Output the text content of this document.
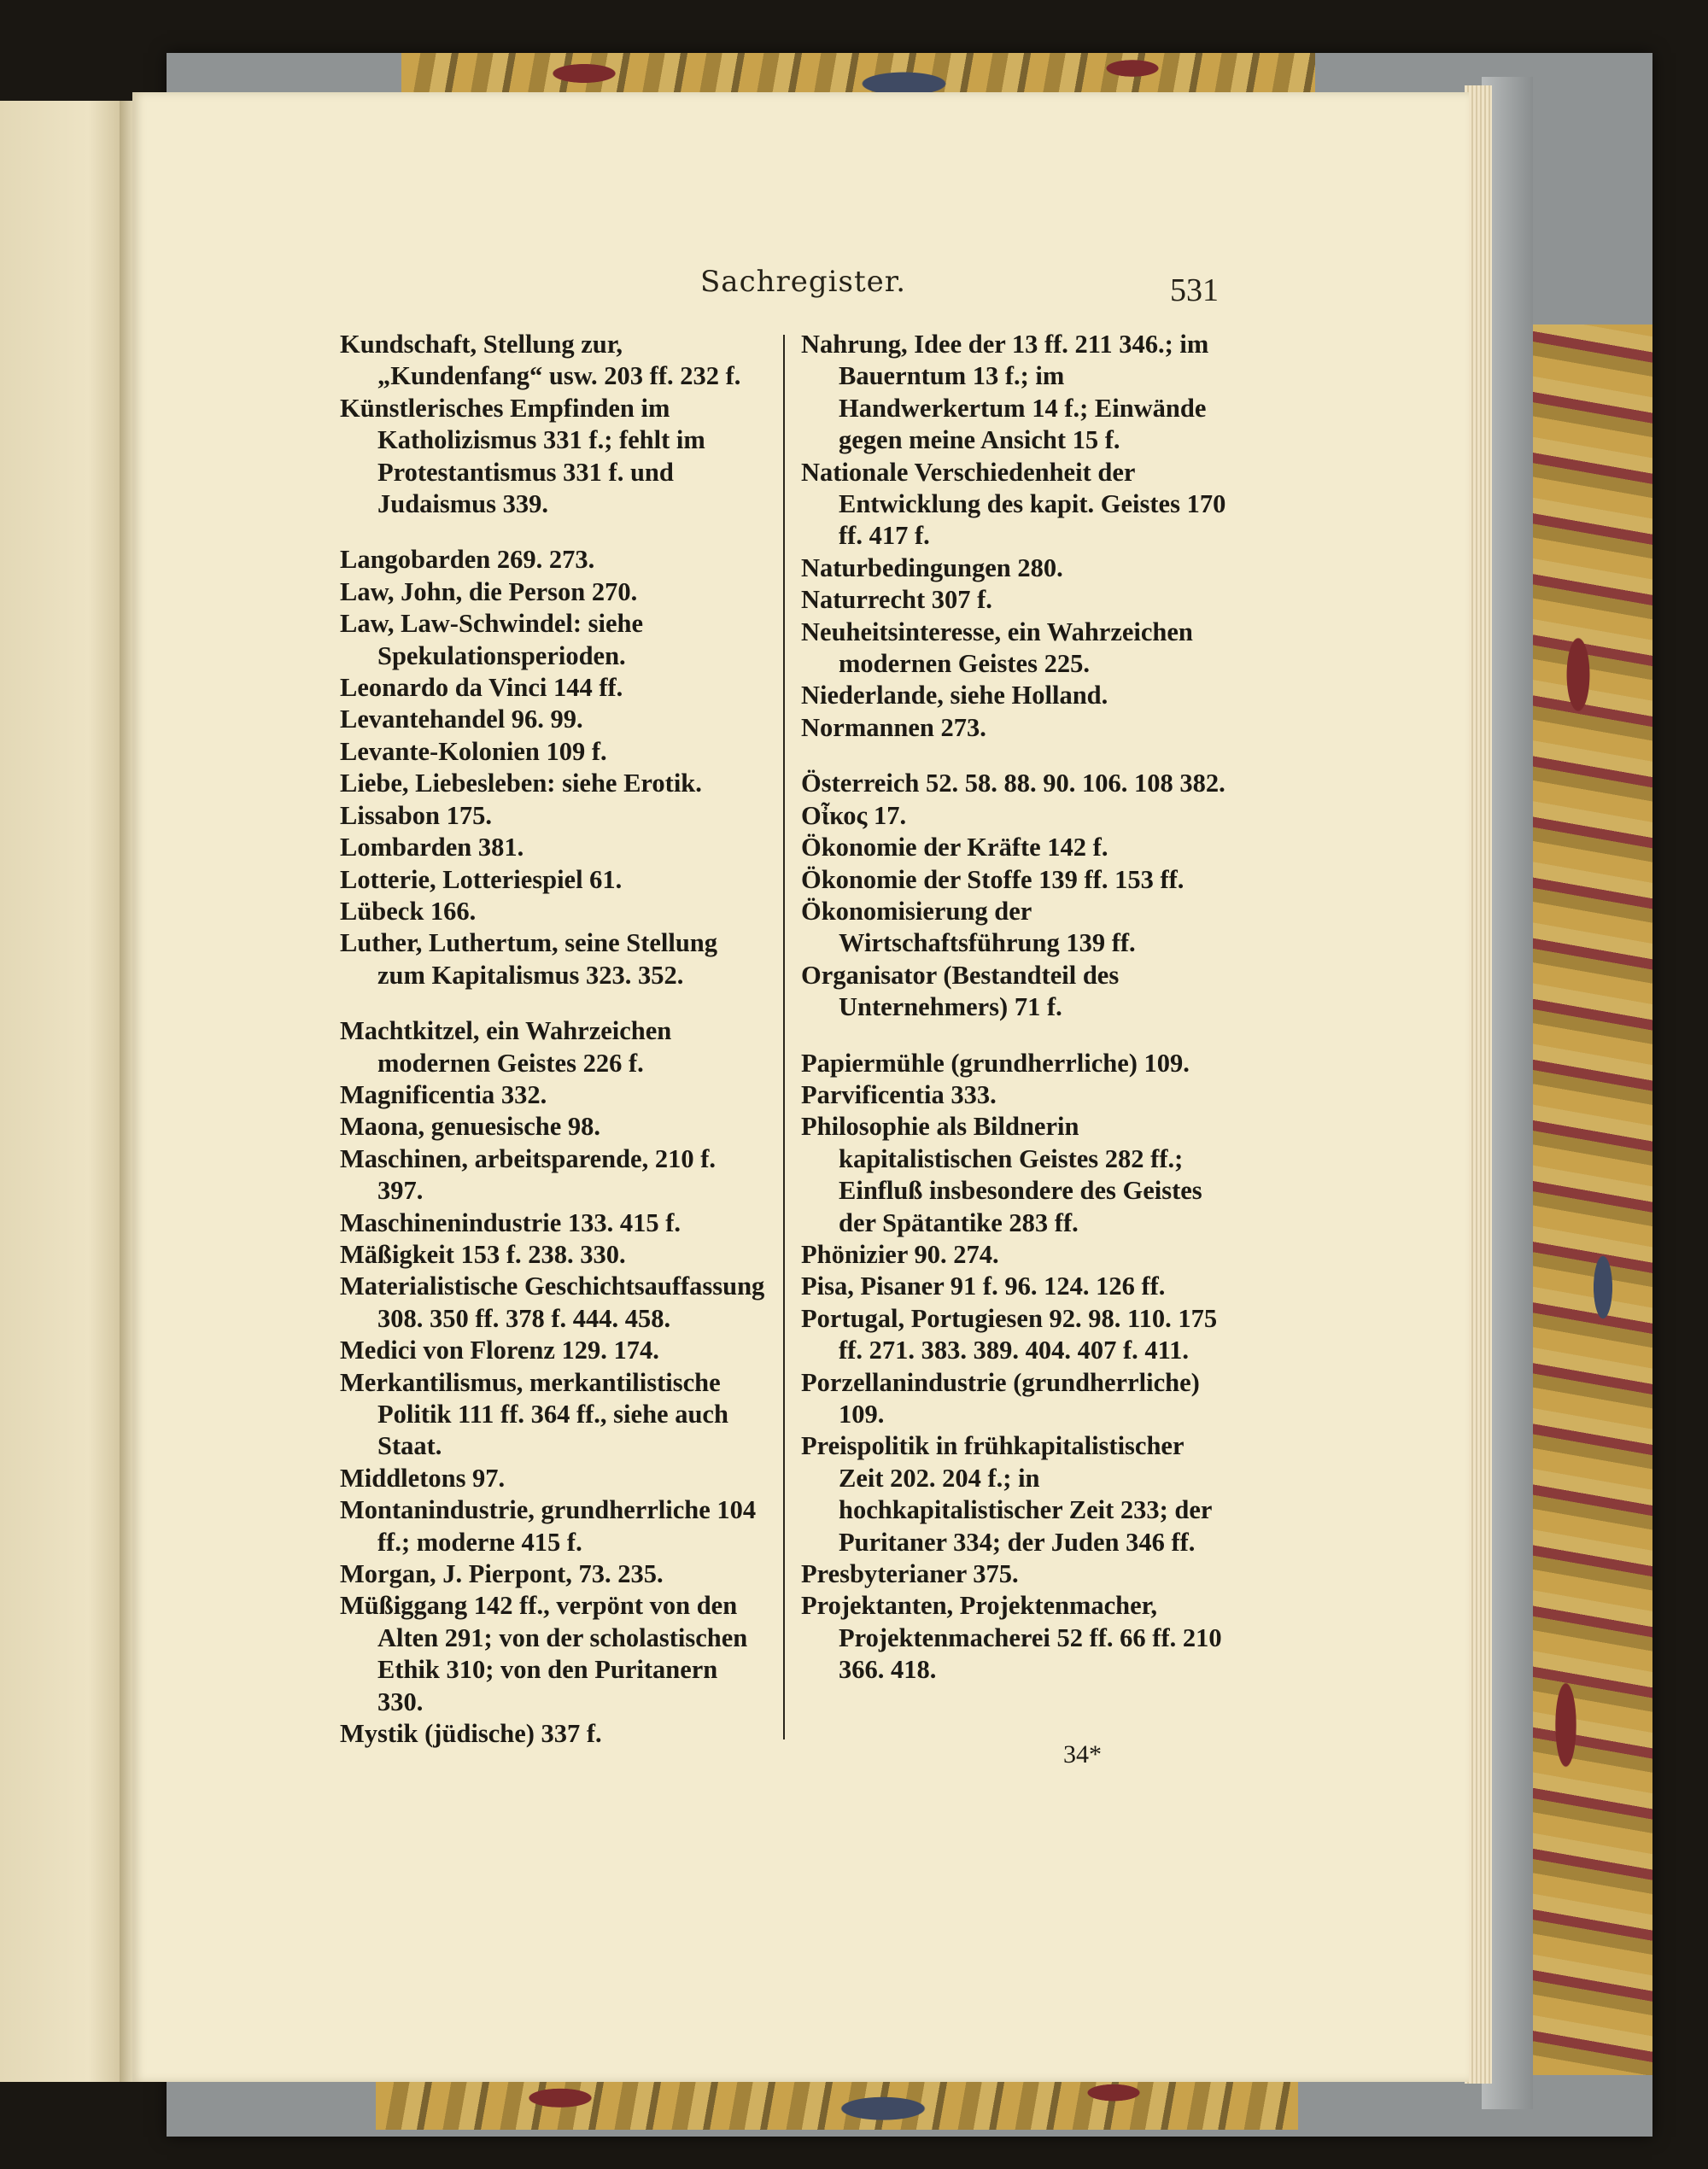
Sachregister.	531
Kundschaft, Stellung zur, „Kundenfang“ usw. 203 ff. 232 f.
Künstlerisches Empfinden im Katholizismus 331 f.; fehlt im Protestantismus 331 f. und Judaismus 339.
Langobarden 269. 273.
Law, John, die Person 270.
Law, Law-Schwindel: siehe Spekulationsperioden.
Leonardo da Vinci 144 ff.
Levantehandel 96. 99.
Levante-Kolonien 109 f.
Liebe, Liebesleben: siehe Erotik.
Lissabon 175.
Lombarden 381.
Lotterie, Lotteriespiel 61.
Lübeck 166.
Luther, Luthertum, seine Stellung zum Kapitalismus 323. 352.
Machtkitzel, ein Wahrzeichen modernen Geistes 226 f.
Magnificentia 332.
Maona, genuesische 98.
Maschinen, arbeitsparende, 210 f. 397.
Maschinenindustrie 133. 415 f.
Mäßigkeit 153 f. 238. 330.
Materialistische Geschichtsauffassung 308. 350 ff. 378 f. 444. 458.
Medici von Florenz 129. 174.
Merkantilismus, merkantilistische Politik 111 ff. 364 ff., siehe auch Staat.
Middletons 97.
Montanindustrie, grundherrliche 104 ff.; moderne 415 f.
Morgan, J. Pierpont, 73. 235.
Müßiggang 142 ff., verpönt von den Alten 291; von der scholastischen Ethik 310; von den Puritanern 330.
Mystik (jüdische) 337 f.
Nahrung, Idee der 13 ff. 211 346.; im Bauerntum 13 f.; im Handwerkertum 14 f.; Einwände gegen meine Ansicht 15 f.
Nationale Verschiedenheit der Entwicklung des kapit. Geistes 170 ff. 417 f.
Naturbedingungen 280.
Naturrecht 307 f.
Neuheitsinteresse, ein Wahrzeichen modernen Geistes 225.
Niederlande, siehe Holland.
Normannen 273.
Österreich 52. 58. 88. 90. 106. 108 382.
Οἶκος 17.
Ökonomie der Kräfte 142 f.
Ökonomie der Stoffe 139 ff. 153 ff.
Ökonomisierung der Wirtschaftsführung 139 ff.
Organisator (Bestandteil des Unternehmers) 71 f.
Papiermühle (grundherrliche) 109.
Parvificentia 333.
Philosophie als Bildnerin kapitalistischen Geistes 282 ff.; Einfluß insbesondere des Geistes der Spätantike 283 ff.
Phönizier 90. 274.
Pisa, Pisaner 91 f. 96. 124. 126 ff.
Portugal, Portugiesen 92. 98. 110. 175 ff. 271. 383. 389. 404. 407 f. 411.
Porzellanindustrie (grundherrliche) 109.
Preispolitik in frühkapitalistischer Zeit 202. 204 f.; in hochkapitalistischer Zeit 233; der Puritaner 334; der Juden 346 ff.
Presbyterianer 375.
Projektanten, Projektenmacher, Projektenmacherei 52 ff. 66 ff. 210 366. 418.
34*
